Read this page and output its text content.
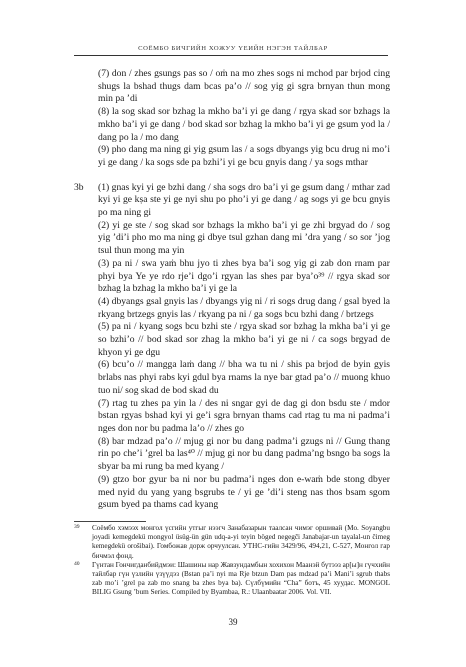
СОЁМБО БИЧГИЙН ХОЖУУ ҮЕИЙН НЭГЭН ТАЙЛБАР

(7) don / zhes gsungs pas so / oṁ na mo zhes sogs ni mchod par brjod cing shugs la bshad thugs dam bcas pa’o // sog yig gi sgra brnyan thun mong min pa ’di

(8) la sog skad sor bzhag la mkho ba’i yi ge dang / rgya skad sor bzhags la mkho ba’i yi ge dang / bod skad sor bzhag la mkho ba’i yi ge gsum yod la / dang po la / mo dang

(9) pho dang ma ning gi yig gsum las / a sogs dbyangs yig bcu drug ni mo’i yi ge dang / ka sogs sde pa bzhi’i yi ge bcu gnyis dang / ya sogs mthar

3b (1) gnas kyi yi ge bzhi dang / sha sogs dro ba’i yi ge gsum dang / mthar zad kyi yi ge kṣa ste yi ge nyi shu po pho’i yi ge dang / ag sogs yi ge bcu gnyis po ma ning gi

(2) yi ge ste / sog skad sor bzhags la mkho ba’i yi ge zhi brgyad do / sog yig ’di’i pho mo ma ning gi dbye tsul gzhan dang mi ’dra yang / so sor ’jog tsul thun mong ma yin

(3) pa ni / swa yaṁ bhu jyo ti zhes bya ba’i sog yig gi zab don rnam par phyi bya Ye ye rdo rje’i dgo’i rgyan las shes par bya’o³⁹ // rgya skad sor bzhag la bzhag la mkho ba’i yi ge la

(4) dbyangs gsal gnyis las / dbyangs yig ni / ri sogs drug dang / gsal byed la rkyang brtzegs gnyis las / rkyang pa ni / ga sogs bcu bzhi dang / brtzegs

(5) pa ni / kyang sogs bcu bzhi ste / rgya skad sor bzhag la mkha ba’i yi ge so bzhi’o // bod skad sor zhag la mkho ba’i yi ge ni / ca sogs brgyad de khyon yi ge dgu

(6) bcu’o // mangga laṁ dang // bha wa tu ni / shis pa brjod de byin gyis brlabs nas phyi rabs kyi gdul bya rnams la nye bar gtad pa’o // muong khuo tuo ni/ sog skad de bod skad du

(7) rtag tu zhes pa yin la / des ni sngar gyi de dag gi don bsdu ste / mdor bstan rgyas bshad kyi yi ge’i sgra brnyan thams cad rtag tu ma ni padma’i nges don nor bu padma la’o // zhes go

(8) bar mdzad pa’o // mjug gi nor bu dang padma’i gzugs ni // Gung thang rin po che’i ’grel ba las⁴⁰ // mjug gi nor bu dang padma’ng bsngo ba sogs la sbyar ba mi rung ba med kyang /

(9) gtzo bor gyur ba ni nor bu padma’i nges don e-waṁ bde stong dbyer med nyid du yang yang bsgrubs te / yi ge ’di’i steng nas thos bsam sgom gsum byed pa thams cad kyang

39 Соёмбо хэмээх монгол үсгийн утгыг нээгч Занабазарын таалсан чимэг оршивай (Mo. Soyangbu joyadi kemegdekü mongyol üsüg-ün gün udq-a-yi teyin böged negegči Janabajar-un tayalal-un čimeg kemegdekü orošibai). Гомбожав дорж орчуулсан. УТНС-гийн 3429/96, 494,21, С-527, Монгол гар бичмэл фонд.
40 Гүнтан Гончигданбийдмэи: Шашины нар Жавзундамбын хохихон Маанэй бүтээз ар[ы]н гүчхийн тайлбар гүн үзлийн үзүүдэз (Bstan pa’i nyi ma Rje btzun Dam pas mdzad pa’i Mani’i sgrub thabs zab mo’i ’grel pa zab mo snang ba zhes bya ba). Сүлбүмийн “Cha” ботъ, 45 хуудас. MONGOL BILIG Gsung ’bum Series. Compiled by Byambaa, R.: Ulaanbaatar 2006. Vol. VII.
39
